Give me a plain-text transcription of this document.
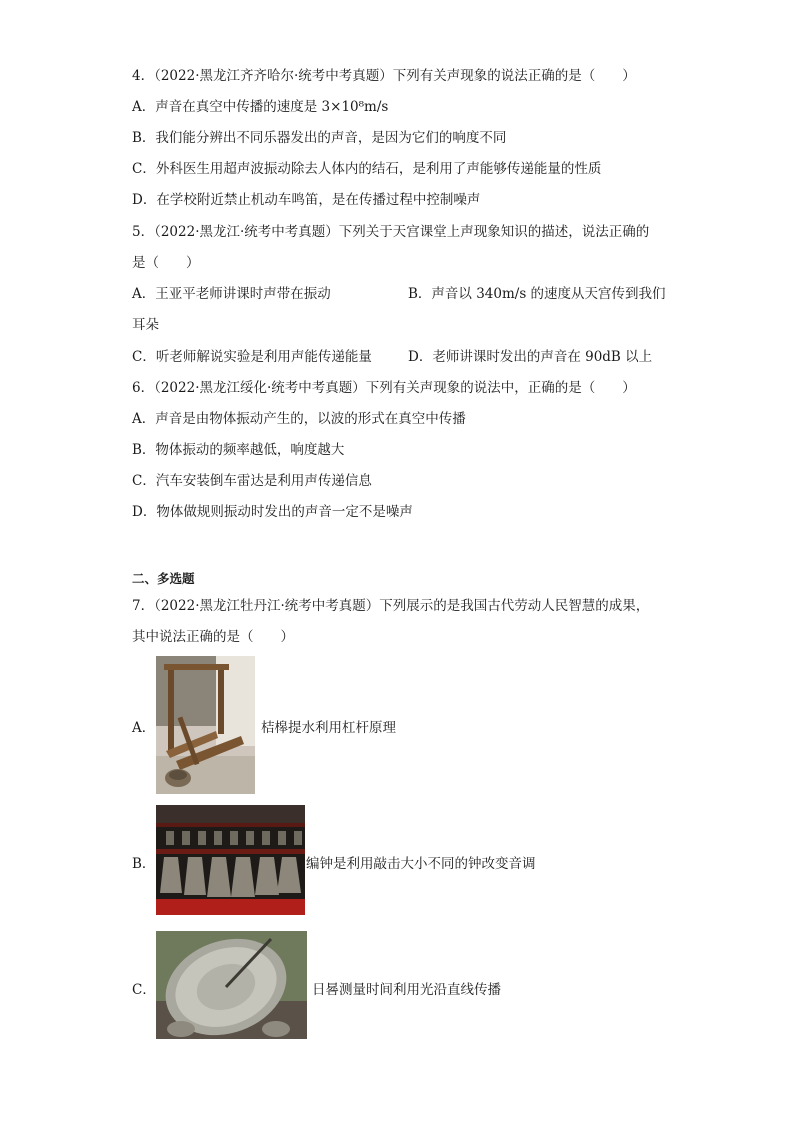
4．（2022·黑龙江齐齐哈尔·统考中考真题）下列有关声现象的说法正确的是（　　）
A．声音在真空中传播的速度是 3×10⁸m/s
B．我们能分辨出不同乐器发出的声音，是因为它们的响度不同
C．外科医生用超声波振动除去人体内的结石，是利用了声能够传递能量的性质
D．在学校附近禁止机动车鸣笛，是在传播过程中控制噪声
5．（2022·黑龙江·统考中考真题）下列关于天宫课堂上声现象知识的描述，说法正确的
是（　　）
A．王亚平老师讲课时声带在振动	B．声音以 340m/s 的速度从天宫传到我们
耳朵
C．听老师解说实验是利用声能传递能量	D．老师讲课时发出的声音在 90dB 以上
6．（2022·黑龙江绥化·统考中考真题）下列有关声现象的说法中，正确的是（　　）
A．声音是由物体振动产生的，以波的形式在真空中传播
B．物体振动的频率越低，响度越大
C．汽车安装倒车雷达是利用声传递信息
D．物体做规则振动时发出的声音一定不是噪声
二、多选题
7．（2022·黑龙江牡丹江·统考中考真题）下列展示的是我国古代劳动人民智慧的成果，
其中说法正确的是（　　）
A．	桔槔提水利用杠杆原理
B．	编钟是利用敲击大小不同的钟改变音调
C．	日晷测量时间利用光沿直线传播
